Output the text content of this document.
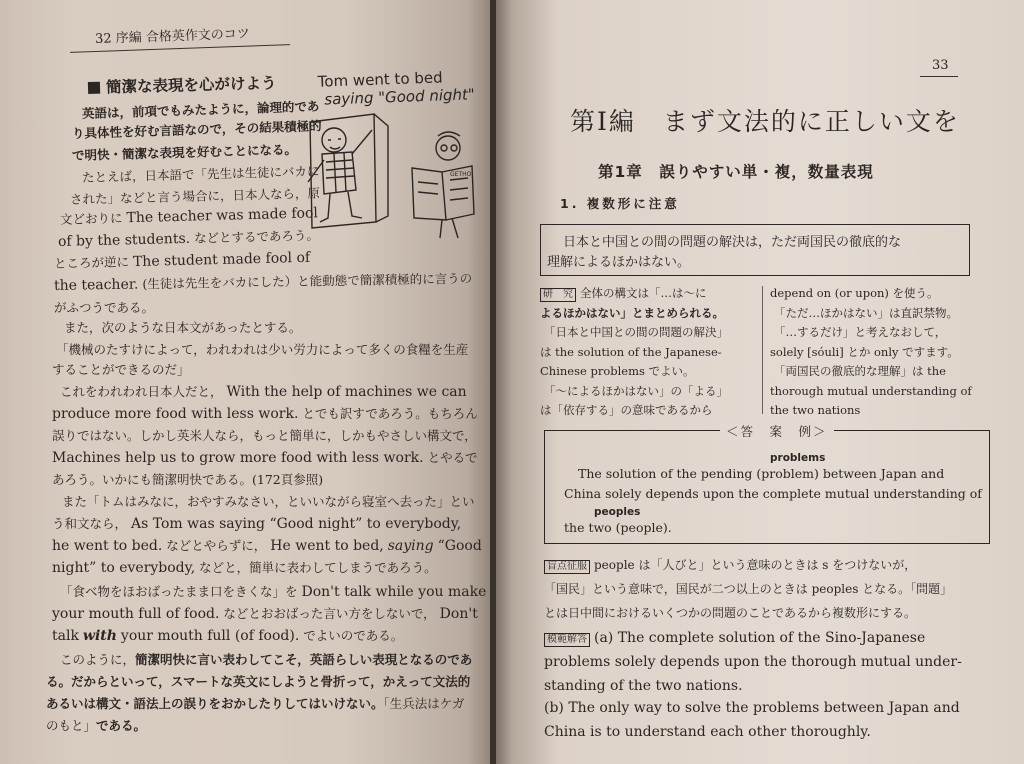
32 序編 合格英作文のコツ
簡潔な表現を心がけよう	Tom went to bed
saying "Good night"
GETHO
英語は，前項でもみたように，論理的であ
り具体性を好む言語なので，その結果積極的
で明快・簡潔な表現を好むことになる。
たとえば，日本語で「先生は生徒にバカに
された」などと言う場合に，日本人なら，原
文どおりに The teacher was made fool
of by the students. などとするであろう。
ところが逆に The student made fool of
the teacher. (生徒は先生をバカにした）と能動態で簡潔積極的に言うの
がふつうである。
また，次のような日本文があったとする。
「機械のたすけによって，われわれは少い労力によって多くの食糧を生産
することができるのだ」
これをわれわれ日本人だと， With the help of machines we can
produce more food with less work. とでも訳すであろう。もちろん
誤りではない。しかし英米人なら，もっと簡単に，しかもやさしい構文で，
Machines help us to grow more food with less work. とやるで
あろう。いかにも簡潔明快である。(172頁参照)
また「トムはみなに，おやすみなさい，といいながら寝室へ去った」とい
う和文なら， As Tom was saying “Good night” to everybody,
he went to bed. などとやらずに， He went to bed, saying “Good
night” to everybody, などと，簡単に表わしてしまうであろう。
「食べ物をほおばったまま口をきくな」を Don't talk while you make
your mouth full of food. などとおおばった言い方をしないで， Don't
talk with your mouth full (of food). でよいのである。
このように，簡潔明快に言い表わしてこそ，英語らしい表現となるのであ
る。だからといって，スマートな英文にしようと骨折って，かえって文法的
あるいは構文・語法上の誤りをおかしたりしてはいけない。「生兵法はケガ
のもと」である。
33
第Ⅰ編　まず文法的に正しい文を
第1章　誤りやすい単・複，数量表現
1. 複数形に注意
日本と中国との間の問題の解決は，ただ両国民の徹底的な
理解によるほかはない。
研　究 全体の構文は「…は〜に
よるほかはない」とまとめられる。
「日本と中国との間の問題の解決」
は the solution of the Japanese-
Chinese problems でよい。
「〜によるほかはない」の「よる」
は「依存する」の意味であるから
depend on (or upon) を使う。
「ただ…ほかはない」は直訳禁物。
「…するだけ」と考えなおして，
solely [sóuli] とか only ですます。
「両国民の徹底的な理解」は the
thorough mutual understanding of
the two nations
＜答　案　例＞
problems
The solution of the pending (problem) between Japan and
China solely depends upon the complete mutual understanding of
peoples
the two (people).
盲点征服 people は「人びと」という意味のときは s をつけないが，
「国民」という意味で，国民が二つ以上のときは peoples となる。「問題」
とは日中間におけるいくつかの問題のことであるから複数形にする。
模範解答 (a) The complete solution of the Sino-Japanese
problems solely depends upon the thorough mutual under-
standing of the two nations.
(b) The only way to solve the problems between Japan and
China is to understand each other thoroughly.
